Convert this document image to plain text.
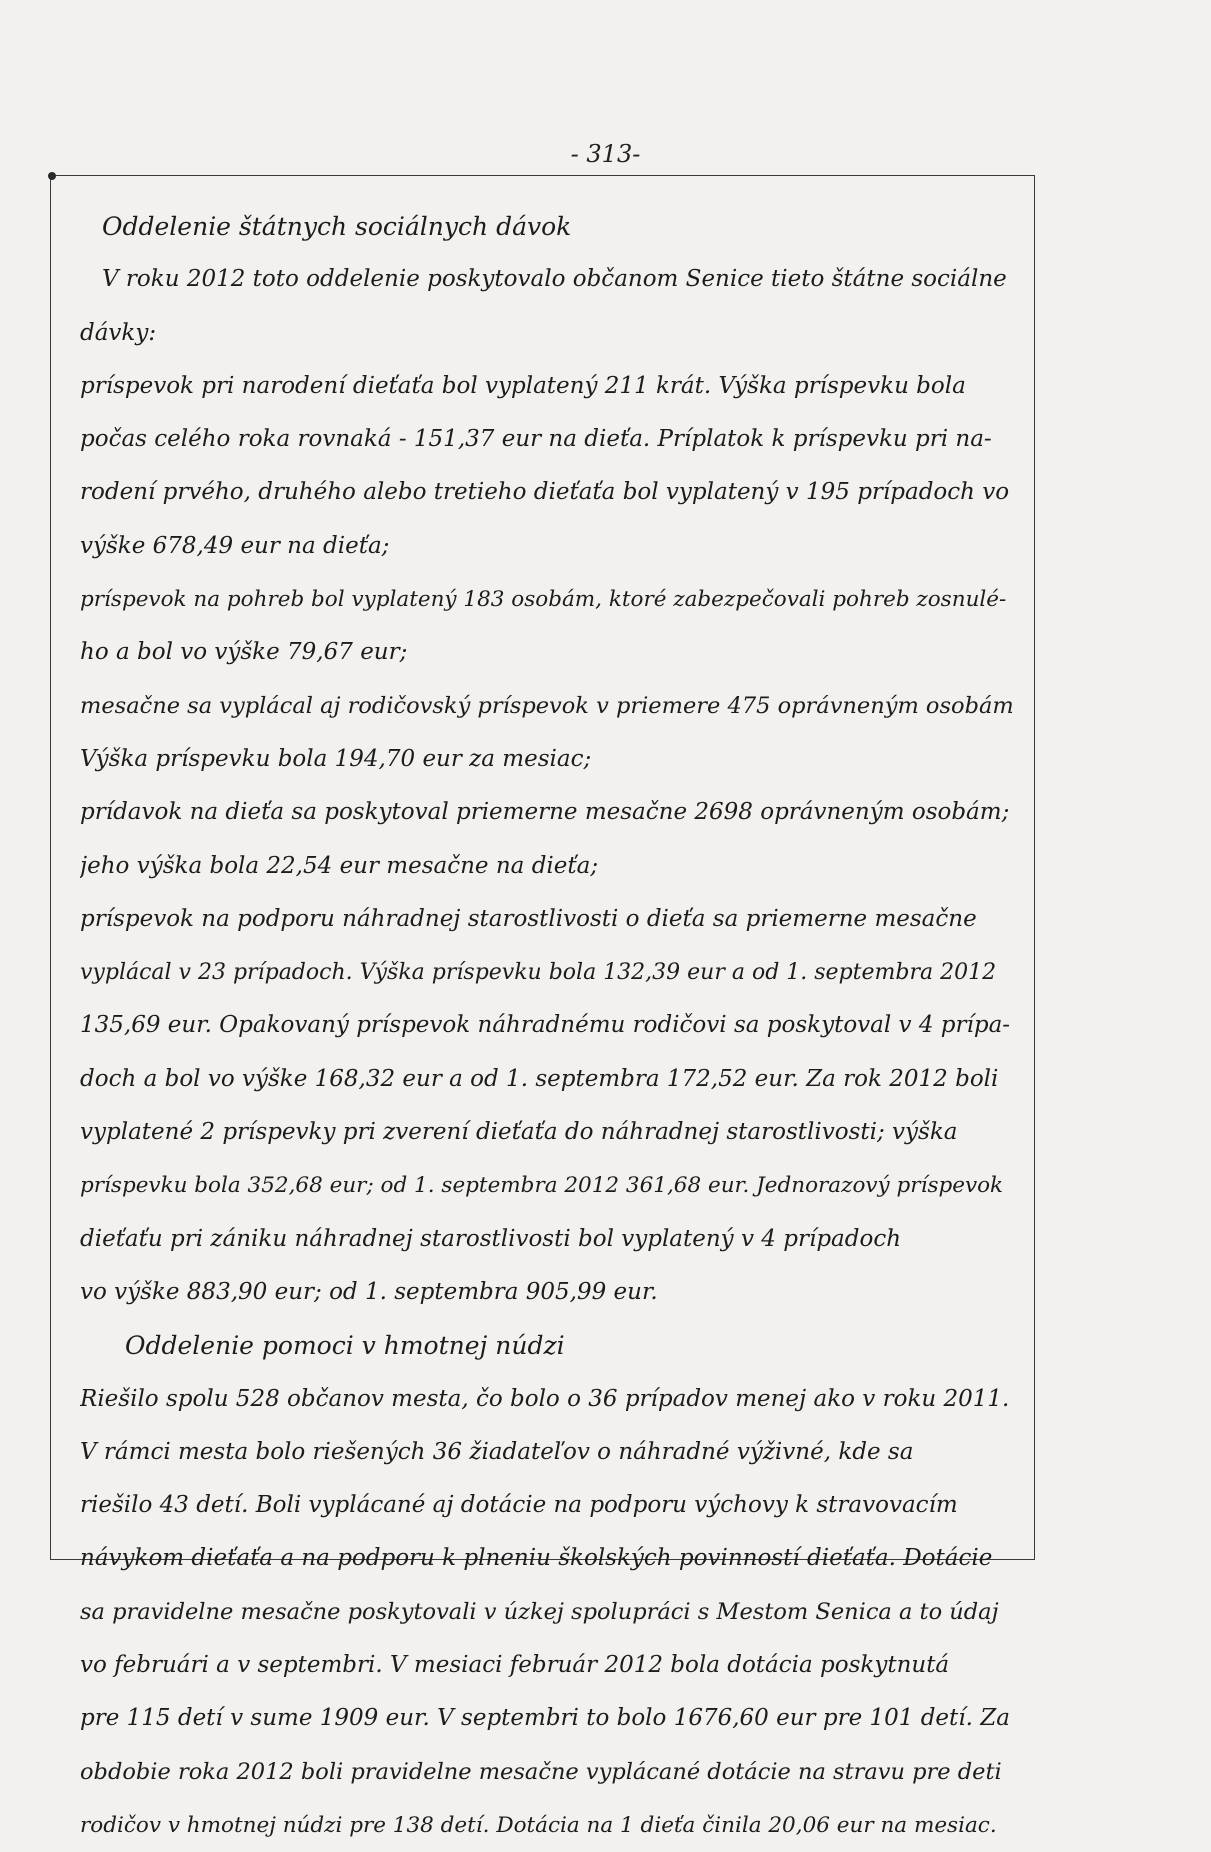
- 313-
Oddelenie štátnych sociálnych dávok
V roku 2012 toto oddelenie poskytovalo občanom Senice tieto štátne sociálne
dávky:
príspevok pri narodení dieťaťa bol vyplatený 211 krát. Výška príspevku bola
počas celého roka rovnaká - 151,37 eur na dieťa. Príplatok k príspevku pri na-
rodení prvého, druhého alebo tretieho dieťaťa bol vyplatený v 195 prípadoch vo
výške 678,49 eur na dieťa;
príspevok na pohreb bol vyplatený 183 osobám, ktoré zabezpečovali pohreb zosnulé-
ho a bol vo výške 79,67 eur;
mesačne sa vyplácal aj rodičovský príspevok v priemere 475 oprávneným osobám
Výška príspevku bola 194,70 eur za mesiac;
prídavok na dieťa sa poskytoval priemerne mesačne 2698 oprávneným osobám;
jeho výška bola 22,54 eur mesačne na dieťa;
príspevok na podporu náhradnej starostlivosti o dieťa sa priemerne mesačne
vyplácal v 23 prípadoch. Výška príspevku bola 132,39 eur a od 1. septembra 2012
135,69 eur. Opakovaný príspevok náhradnému rodičovi sa poskytoval v 4 prípa-
doch a bol vo výške 168,32 eur a od 1. septembra 172,52 eur. Za rok 2012 boli
vyplatené 2 príspevky pri zverení dieťaťa do náhradnej starostlivosti; výška
príspevku bola 352,68 eur; od 1. septembra 2012 361,68 eur. Jednorazový príspevok
dieťaťu pri zániku náhradnej starostlivosti bol vyplatený v 4 prípadoch
vo výške 883,90 eur; od 1. septembra 905,99 eur.
Oddelenie pomoci v hmotnej núdzi
Riešilo spolu 528 občanov mesta, čo bolo o 36 prípadov menej ako v roku 2011.
V rámci mesta bolo riešených 36 žiadateľov o náhradné výživné, kde sa
riešilo 43 detí. Boli vyplácané aj dotácie na podporu výchovy k stravovacím
návykom dieťaťa a na podporu k plneniu školských povinností dieťaťa. Dotácie
sa pravidelne mesačne poskytovali v úzkej spolupráci s Mestom Senica a to údaj
vo februári a v septembri. V mesiaci február 2012 bola dotácia poskytnutá
pre 115 detí v sume 1909 eur. V septembri to bolo 1676,60 eur pre 101 detí. Za
obdobie roka 2012 boli pravidelne mesačne vyplácané dotácie na stravu pre deti
rodičov v hmotnej núdzi pre 138 detí. Dotácia na 1 dieťa činila 20,06 eur na mesiac.
